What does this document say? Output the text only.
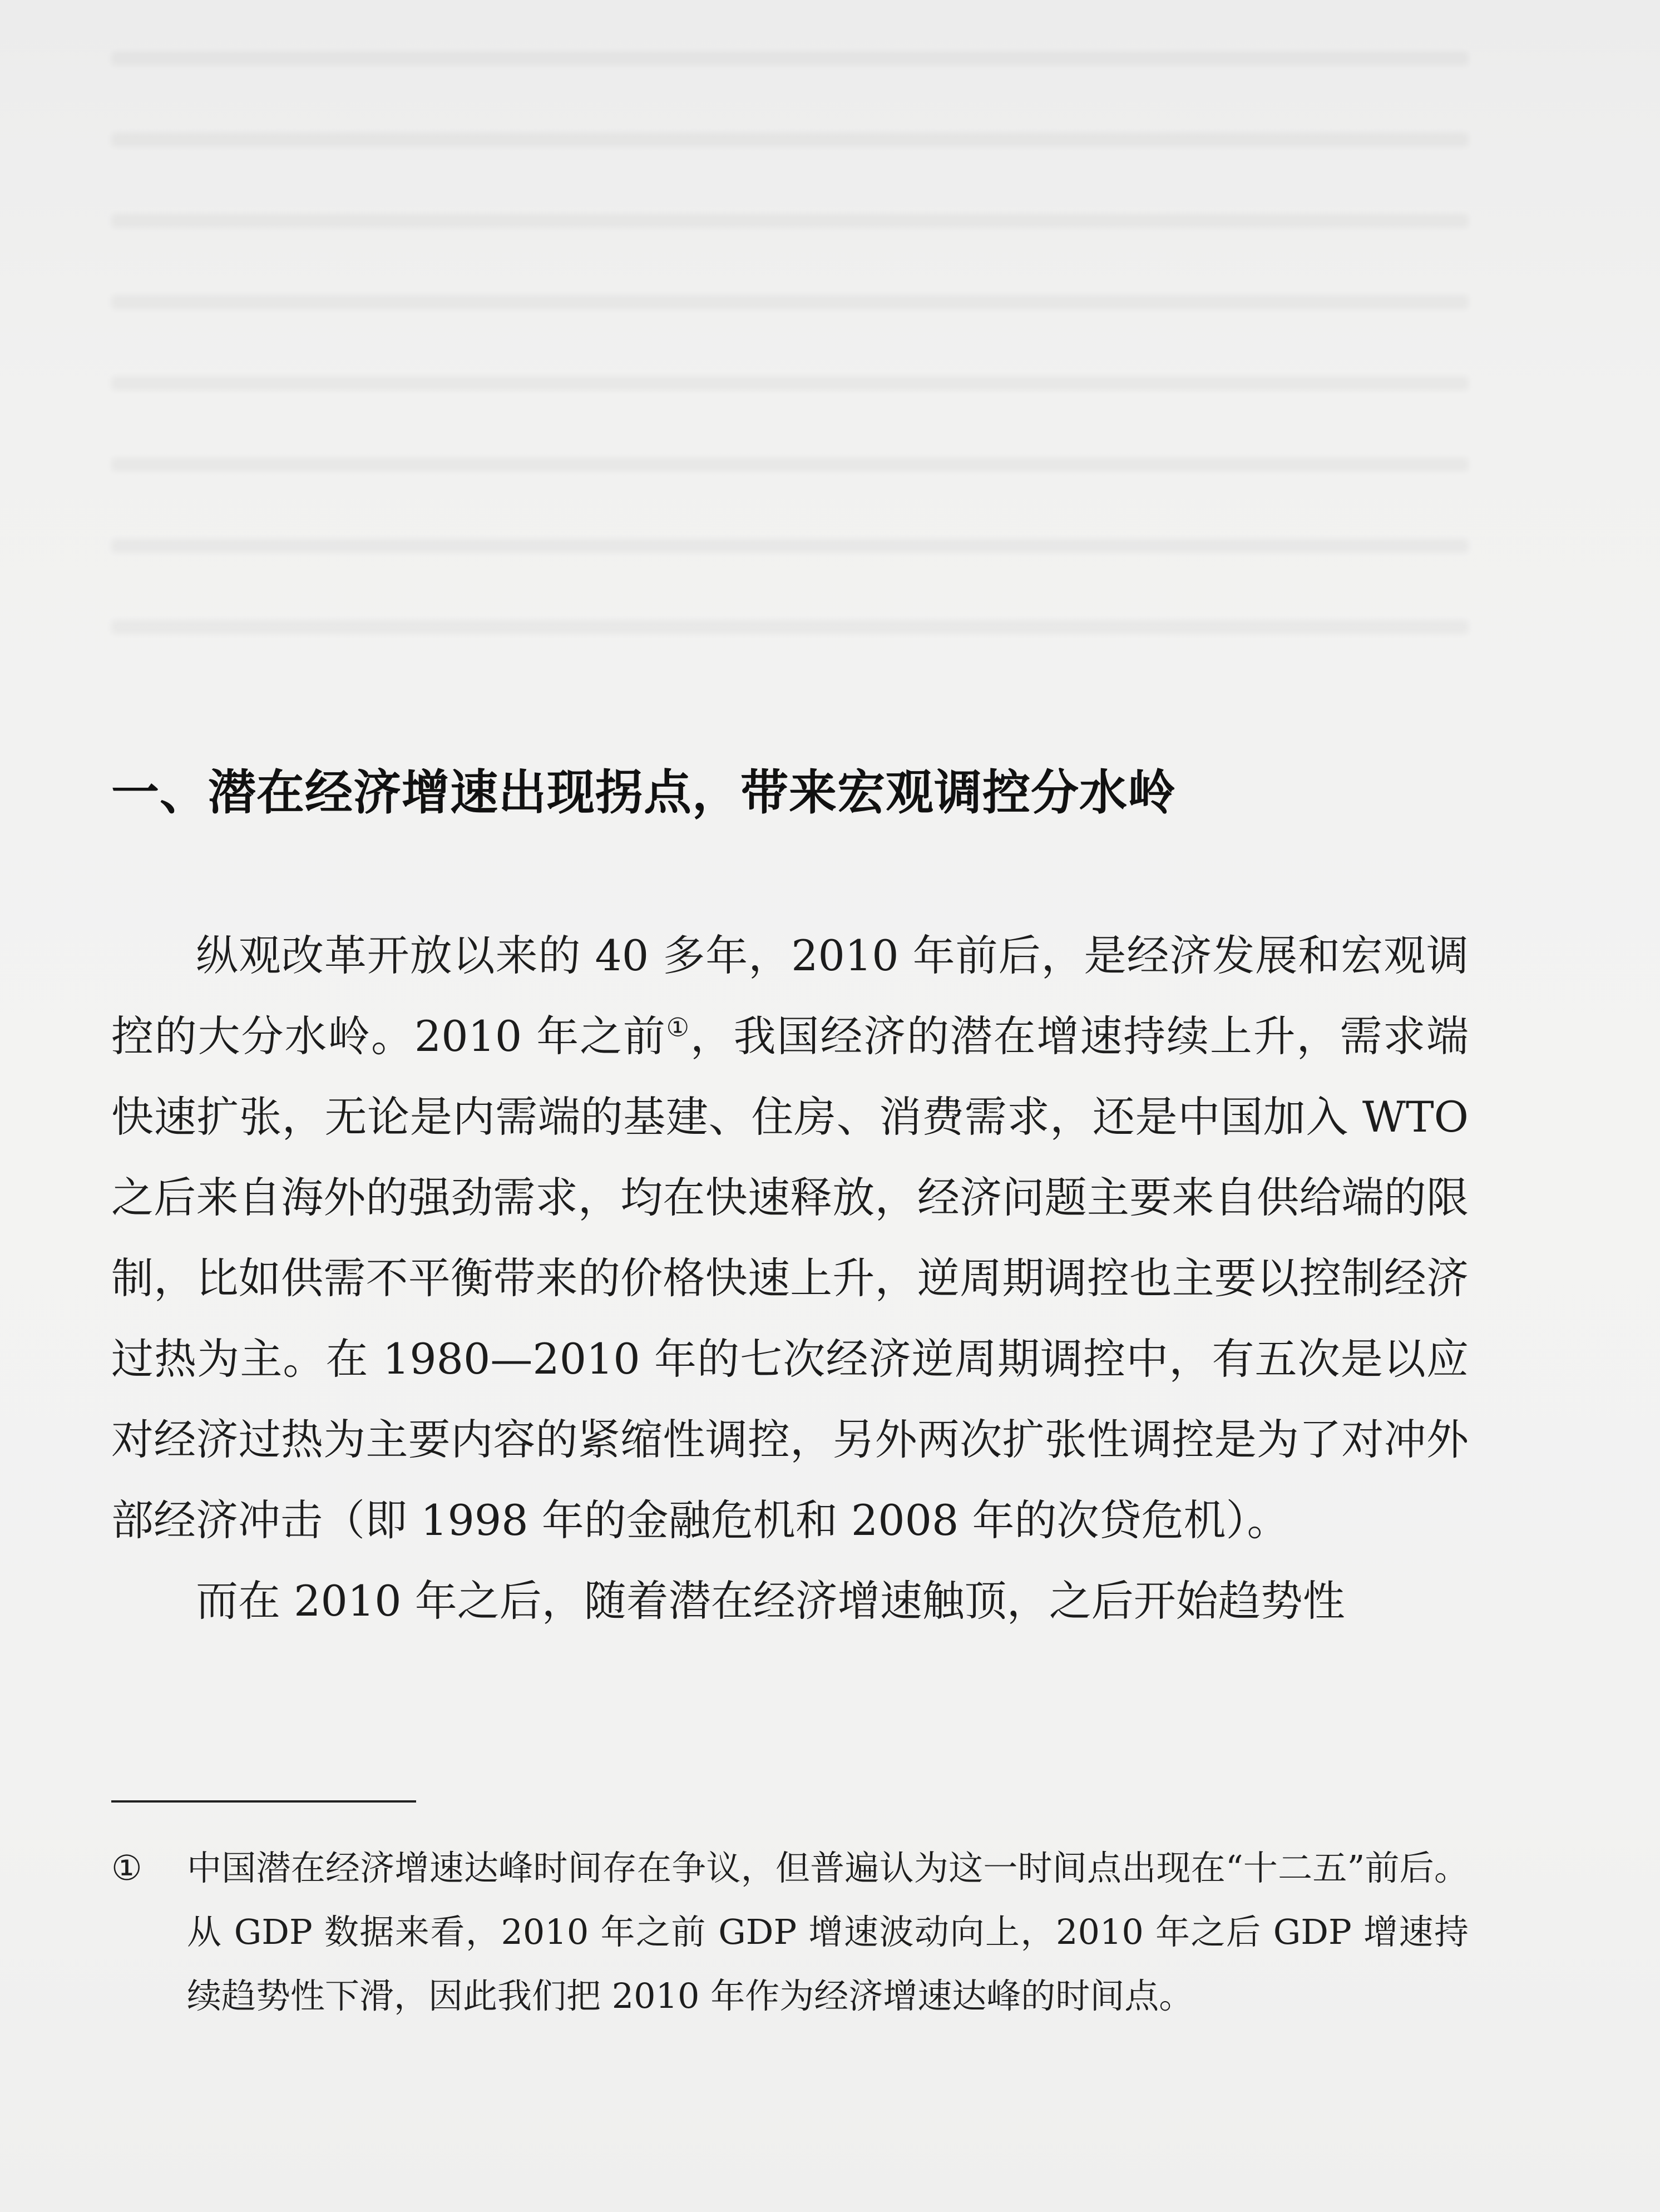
一、潜在经济增速出现拐点，带来宏观调控分水岭

纵观改革开放以来的 40 多年，2010 年前后，是经济发展和宏观调控的大分水岭。2010 年之前①，我国经济的潜在增速持续上升，需求端快速扩张，无论是内需端的基建、住房、消费需求，还是中国加入 WTO 之后来自海外的强劲需求，均在快速释放，经济问题主要来自供给端的限制，比如供需不平衡带来的价格快速上升，逆周期调控也主要以控制经济过热为主。在 1980—2010 年的七次经济逆周期调控中，有五次是以应对经济过热为主要内容的紧缩性调控，另外两次扩张性调控是为了对冲外部经济冲击（即 1998 年的金融危机和 2008 年的次贷危机）。

而在 2010 年之后，随着潜在经济增速触顶，之后开始趋势性

①	中国潜在经济增速达峰时间存在争议，但普遍认为这一时间点出现在“十二五”前后。从 GDP 数据来看，2010 年之前 GDP 增速波动向上，2010 年之后 GDP 增速持续趋势性下滑，因此我们把 2010 年作为经济增速达峰的时间点。
